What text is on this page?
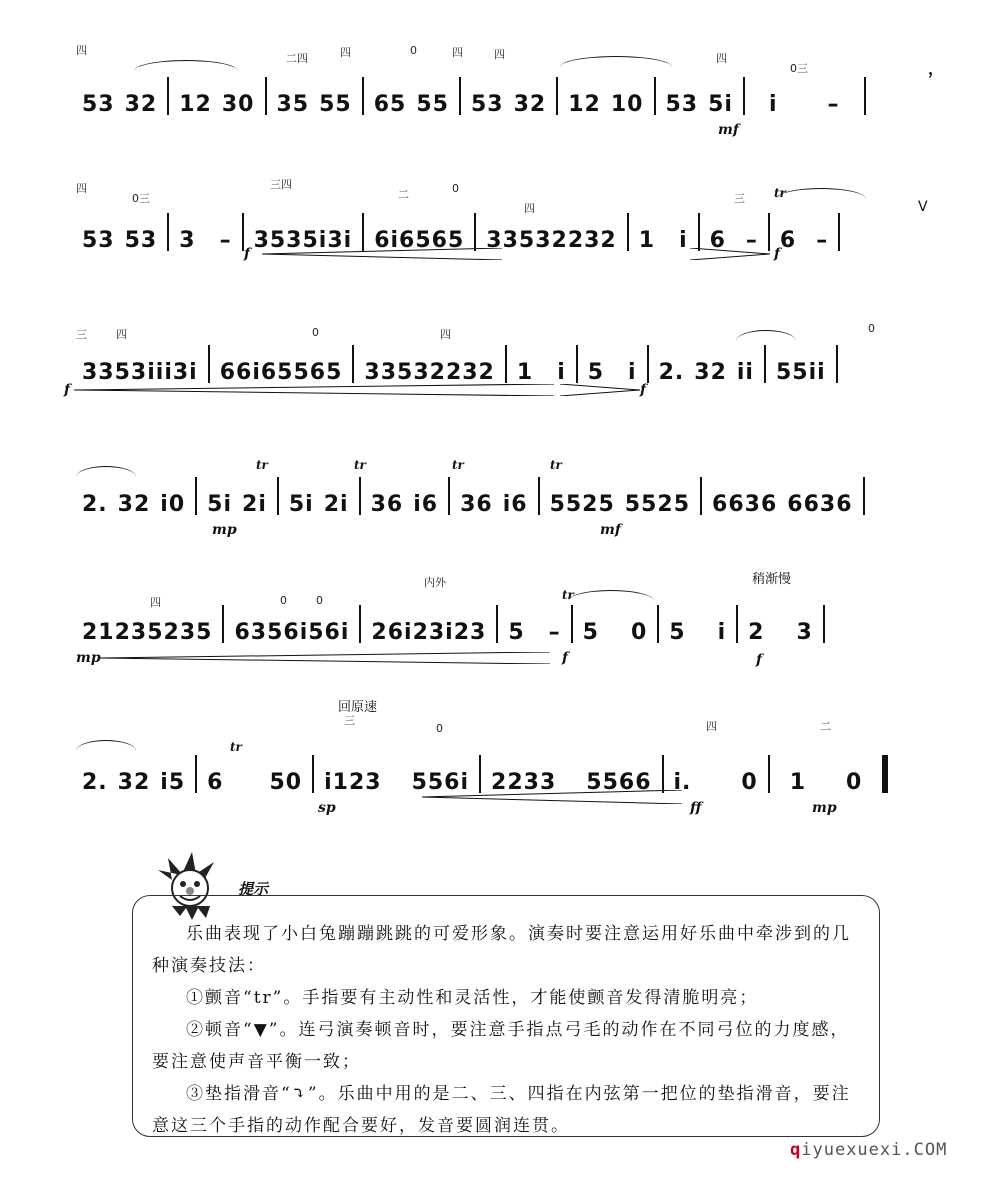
四
二四	四	0	四	四	四
0三
53 32 12 30 35 55 65 55 53 32 12 10 53 5i i –
mf
，
四
0三
三四
二	0
四
三 tr
53 53 3 – 3535i3i 6i6565 33532232 1 i 6 – 6 –
V
f	f
三	四	0	四	0
3353iii3i 66i65565 33532232 1 i 5 i 2. 32 ii 55ii
f	f
tr	tr	tr	tr
2. 32 i0 5i 2i 5i 2i 36 i6 36 i6 5525 5525 6636 6636
mp	mf
稍渐慢
四	0	0
内外
tr
21235235 6356i56i 26i23i23 5 – 5 0 5 i 2 3
mp	f	f
回原速
tr
三
0	四	二
2. 32 i5 6 50 i123 556i 2233 5566 i. 0 1 0
sp	ff	mp
提示

乐曲表现了小白兔蹦蹦跳跳的可爱形象。演奏时要注意运用好乐曲中牵涉到的几种演奏技法：

①颤音“tr”。手指要有主动性和灵活性，才能使颤音发得清脆明亮；

②顿音“▼”。连弓演奏顿音时，要注意手指点弓毛的动作在不同弓位的力度感，要注意使声音平衡一致；

③垫指滑音“⤵”。乐曲中用的是二、三、四指在内弦第一把位的垫指滑音，要注意这三个手指的动作配合要好，发音要圆润连贯。

qiyuexuexi.COM
